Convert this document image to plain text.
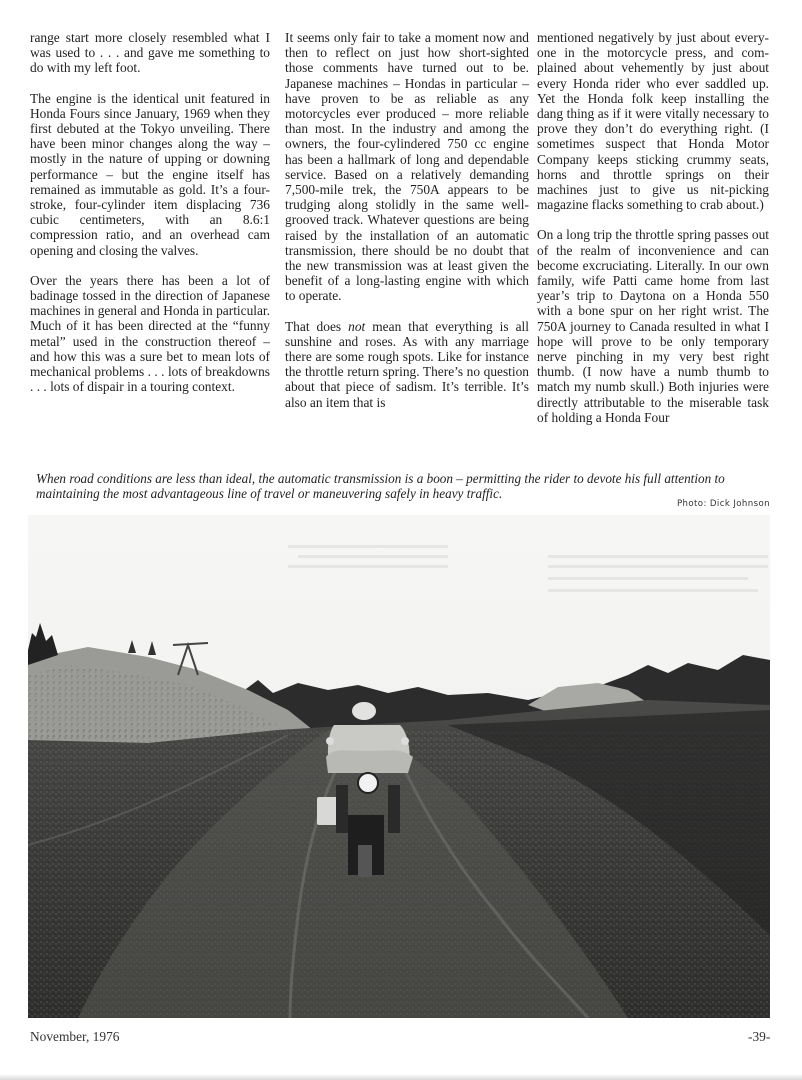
range start more closely resembled what I was used to . . . and gave me something to do with my left foot.

The engine is the identical unit featured in Honda Fours since January, 1969 when they first debuted at the Tokyo unveiling. There have been minor changes along the way – mostly in the nature of upping or downing performance – but the engine itself has remained as immutable as gold. It’s a four-stroke, four-cylinder item displacing 736 cubic centimeters, with an 8.6:1 compression ratio, and an overhead cam opening and closing the valves.

Over the years there has been a lot of badinage tossed in the direction of Japanese machines in general and Honda in particular. Much of it has been directed at the “funny metal” used in the construction thereof – and how this was a sure bet to mean lots of mechanical problems . . . lots of breakdowns . . . lots of dispair in a touring context.

It seems only fair to take a moment now and then to reflect on just how short-sighted those comments have turned out to be. Japanese machines – Hondas in particular – have proven to be as reliable as any motorcycles ever produced – more reliable than most. In the industry and among the owners, the four-cylindered 750 cc engine has been a hallmark of long and dependable service. Based on a relatively demanding 7,500-mile trek, the 750A appears to be trudging along stolidly in the same well-grooved track. Whatever questions are being raised by the installation of an automatic transmission, there should be no doubt that the new transmission was at least given the benefit of a long-lasting engine with which to operate.

That does not mean that everything is all sunshine and roses. As with any marriage there are some rough spots. Like for instance the throttle return spring. There’s no question about that piece of sadism. It’s terrible. It’s also an item that is

mentioned negatively by just about everyone in the motorcycle press, and complained about vehemently by just about every Honda rider who ever saddled up. Yet the Honda folk keep installing the dang thing as if it were vitally necessary to prove they don’t do everything right. (I sometimes suspect that Honda Motor Company keeps sticking crummy seats, horns and throttle springs on their machines just to give us nit-picking magazine flacks something to crab about.)

On a long trip the throttle spring passes out of the realm of inconvenience and can become excruciating. Literally. In our own family, wife Patti came home from last year’s trip to Daytona on a Honda 550 with a bone spur on her right wrist. The 750A journey to Canada resulted in what I hope will prove to be only temporary nerve pinching in my very best right thumb. (I now have a numb thumb to match my numb skull.) Both injuries were directly attributable to the miserable task of holding a Honda Four

When road conditions are less than ideal, the automatic transmission is a boon – permitting the rider to devote his full attention to maintaining the most advantageous line of travel or maneuvering safely in heavy traffic.
Photo: Dick Johnson
November, 1976	-39-
